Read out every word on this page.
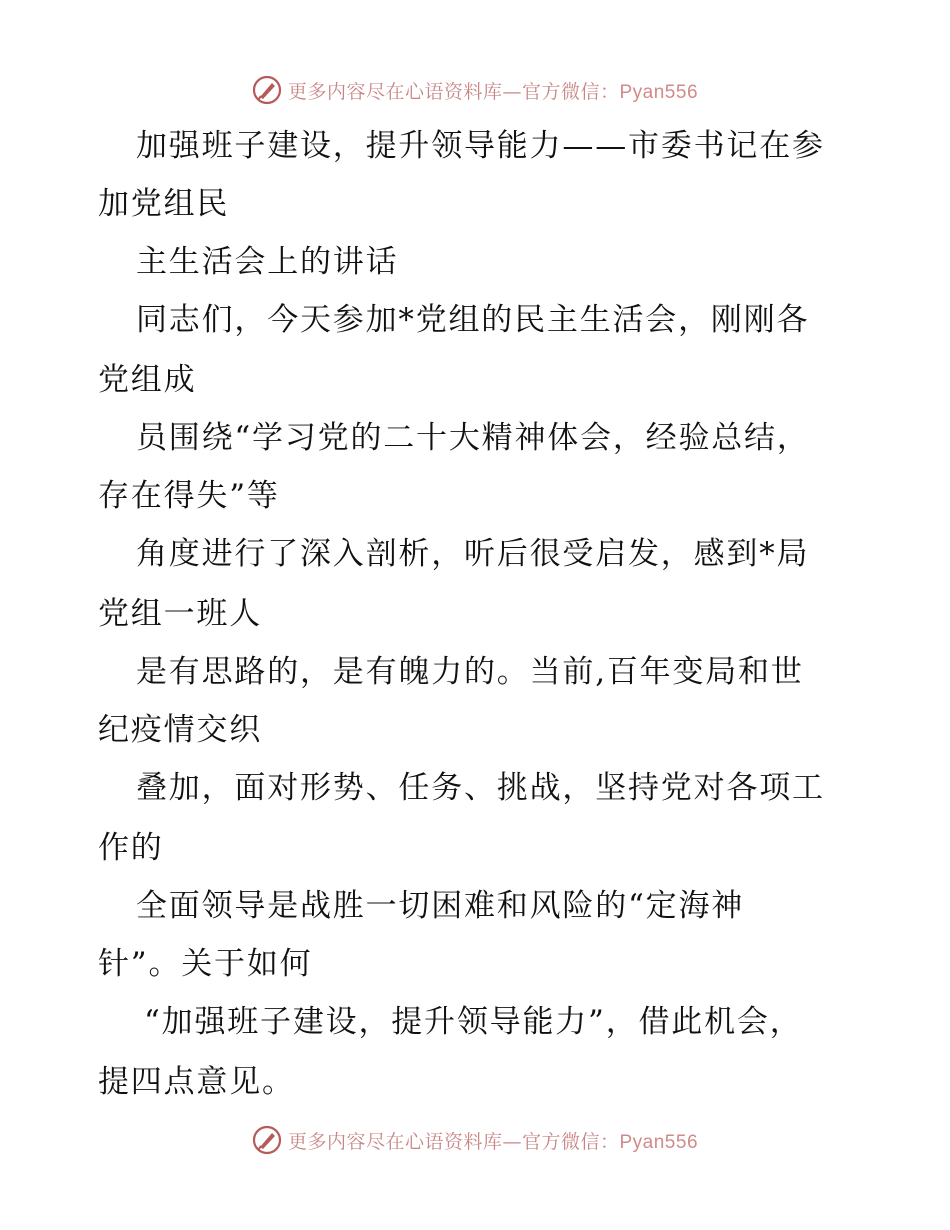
更多内容尽在心语资料库—官方微信：Pyan556
加强班子建设，提升领导能力——市委书记在参
加党组民
主生活会上的讲话
同志们，今天参加*党组的民主生活会，刚刚各
党组成
员围绕“学习党的二十大精神体会，经验总结，
存在得失”等
角度进行了深入剖析，听后很受启发，感到*局
党组一班人
是有思路的，是有魄力的。当前,百年变局和世
纪疫情交织
叠加，面对形势、任务、挑战，坚持党对各项工
作的
全面领导是战胜一切困难和风险的“定海神
针”。关于如何
“加强班子建设，提升领导能力”，借此机会，
提四点意见。
更多内容尽在心语资料库—官方微信：Pyan556
